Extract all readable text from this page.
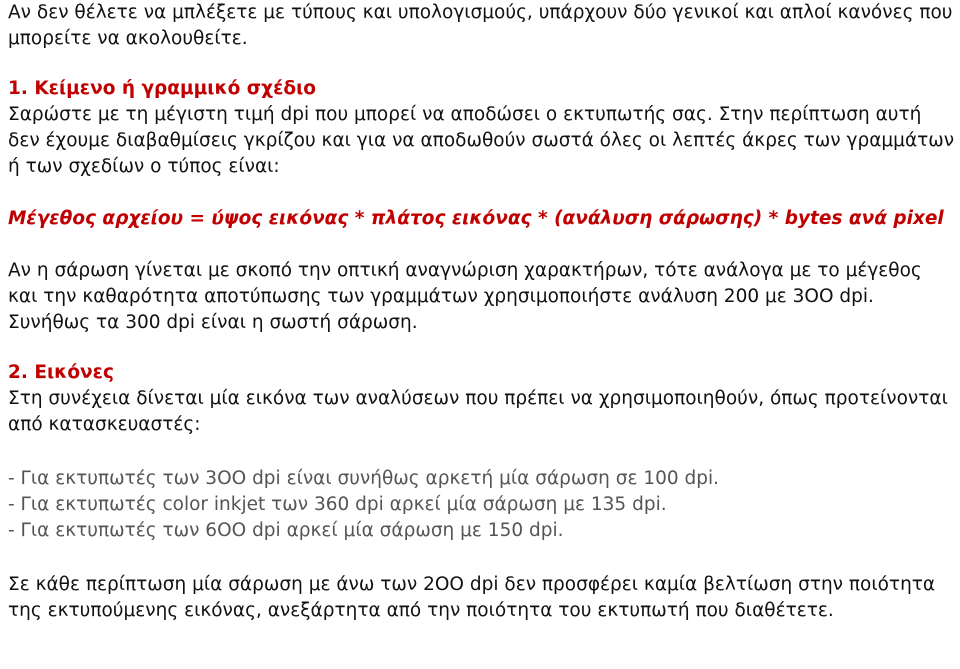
Αν δεν θέλετε να μπλέξετε με τύπους και υπολογισμούς, υπάρχουν δύο γενικοί και απλοί κανόνες που μπορείτε να ακολουθείτε.

1. Κείμενο ή γραμμικό σχέδιο

Σαρώστε με τη μέγιστη τιμή dpi που μπορεί να αποδώσει ο εκτυπωτής σας. Στην περίπτωση αυτή δεν έχουμε διαβαθμίσεις γκρίζου και για να αποδωθούν σωστά όλες οι λεπτές άκρες των γραμμάτων ή των σχεδίων ο τύπος είναι:

Μέγεθος αρχείου = ύψος εικόνας * πλάτος εικόνας * (ανάλυση σάρωσης) * bytes ανά pixel

Αν η σάρωση γίνεται με σκοπό την οπτική αναγνώριση χαρακτήρων, τότε ανάλογα με το μέγεθος και την καθαρότητα αποτύπωσης των γραμμάτων χρησιμοποιήστε ανάλυση 200 με 3OO dpi. Συνήθως τα 300 dpi είναι η σωστή σάρωση.

2. Εικόνες

Στη συνέχεια δίνεται μία εικόνα των αναλύσεων που πρέπει να χρησιμοποιηθούν, όπως προτείνονται από κατασκευαστές:

- Για εκτυπωτές των 3OO dpi είναι συνήθως αρκετή μία σάρωση σε 100 dpi.

- Για εκτυπωτές color inkjet των 360 dpi αρκεί μία σάρωση με 135 dpi.

- Για εκτυπωτές των 6OO dpi αρκεί μία σάρωση με 150 dpi.

Σε κάθε περίπτωση μία σάρωση με άνω των 2OO dpi δεν προσφέρει καμία βελτίωση στην ποιότητα της εκτυπούμενης εικόνας, ανεξάρτητα από την ποιότητα του εκτυπωτή που διαθέτετε.
